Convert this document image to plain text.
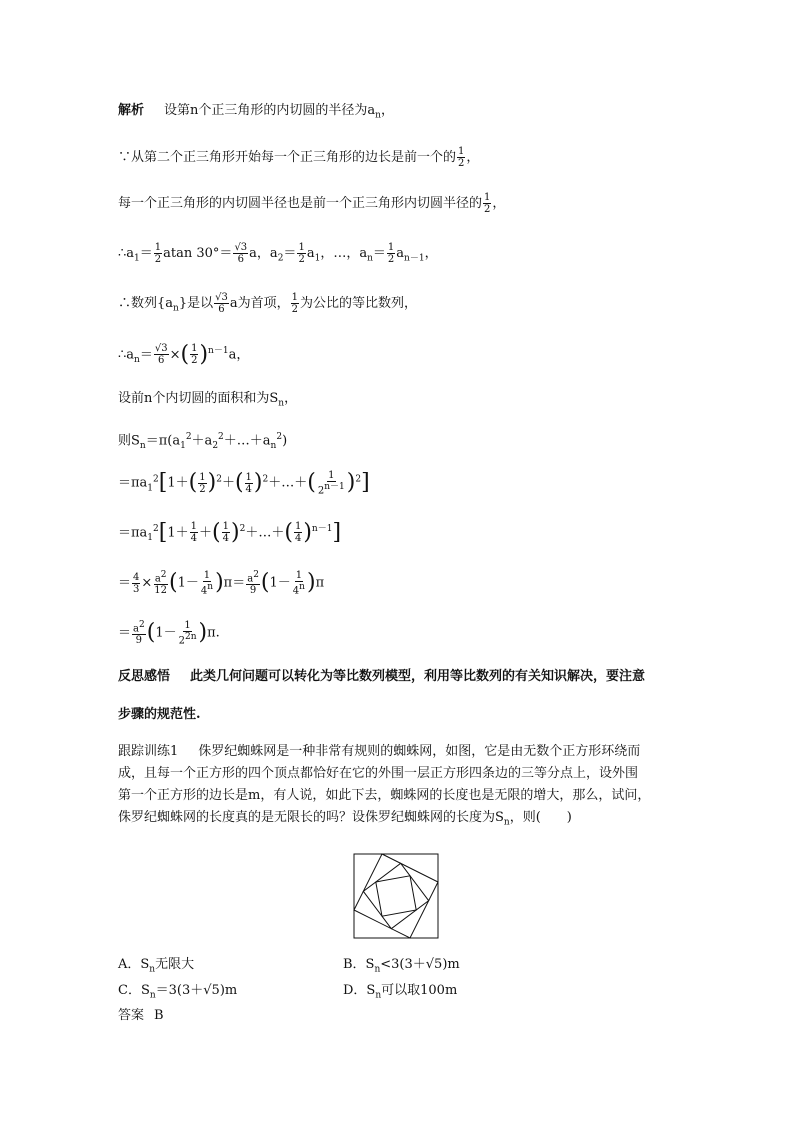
解析 设第n个正三角形的内切圆的半径为$a_n$，
∵从第二个正三角形开始每一个正三角形的边长是前一个的 $\frac{1}{2}$ ，
每一个正三角形的内切圆半径也是前一个正三角形内切圆半径的 $\frac{1}{2}$ ，
$\therefore a_1= \frac{1}{2}$ atan $30^\circ= \frac{√3}{6}$ a，$a_2= \frac{1}{2} a_1$，…，$a_n= \frac{1}{2} a_{n-1}$，
∴数列$\{a_n\}$是以 $\frac{√3}{6}$ a为首项， $\frac{1}{2}$ 为公比的等比数列，
$\therefore a_n= \frac{√3}{6}$ ×( $\frac{1}{2} )^{n-1}a$，
设前n个内切圆的面积和为$S_n$，
则$S_n=\pi(a_1^2+a_2^2+\dots+a_n^2)$
$=\pi a_1^2[1+( \frac{1}{2} )^2+( \frac{1}{4}$ )$^2+\dots+( \frac{1}{2^{n-1}} )^2$]
$=\pi a_1^2[1+ \frac{1}{4}$ ＋( $\frac{1}{4}$ )$^2$＋…＋( $\frac{1}{4} )^{n-1}$]
＝ $\frac{4}{3} \times \frac{a^2}{12} (1- \frac{1}{4^n} )\pi= \frac{a^2}{9} (1- \frac{1}{4^n} )\pi$
＝ $\frac{a^2}{9} (1- \frac{1}{2^{2n}} )\pi$.
反思感悟 此类几何问题可以转化为等比数列模型，利用等比数列的有关知识解决，要注意
步骤的规范性.
跟踪训练1 侏罗纪蜘蛛网是一种非常有规则的蜘蛛网，如图，它是由无数个正方形环绕而
成，且每一个正方形的四个顶点都恰好在它的外围一层正方形四条边的三等分点上，设外围
第一个正方形的边长是m，有人说，如此下去，蜘蛛网的长度也是无限的增大，那么，试问，
侏罗纪蜘蛛网的长度真的是无限长的吗？设侏罗纪蜘蛛网的长度为$S_n$，则(　　)
A．$S_n$无限大	B．$S_n<3(3+√5)m$
C．$S_n=3(3+√5)m$	D．$S_n$可以取100m
答案 B
